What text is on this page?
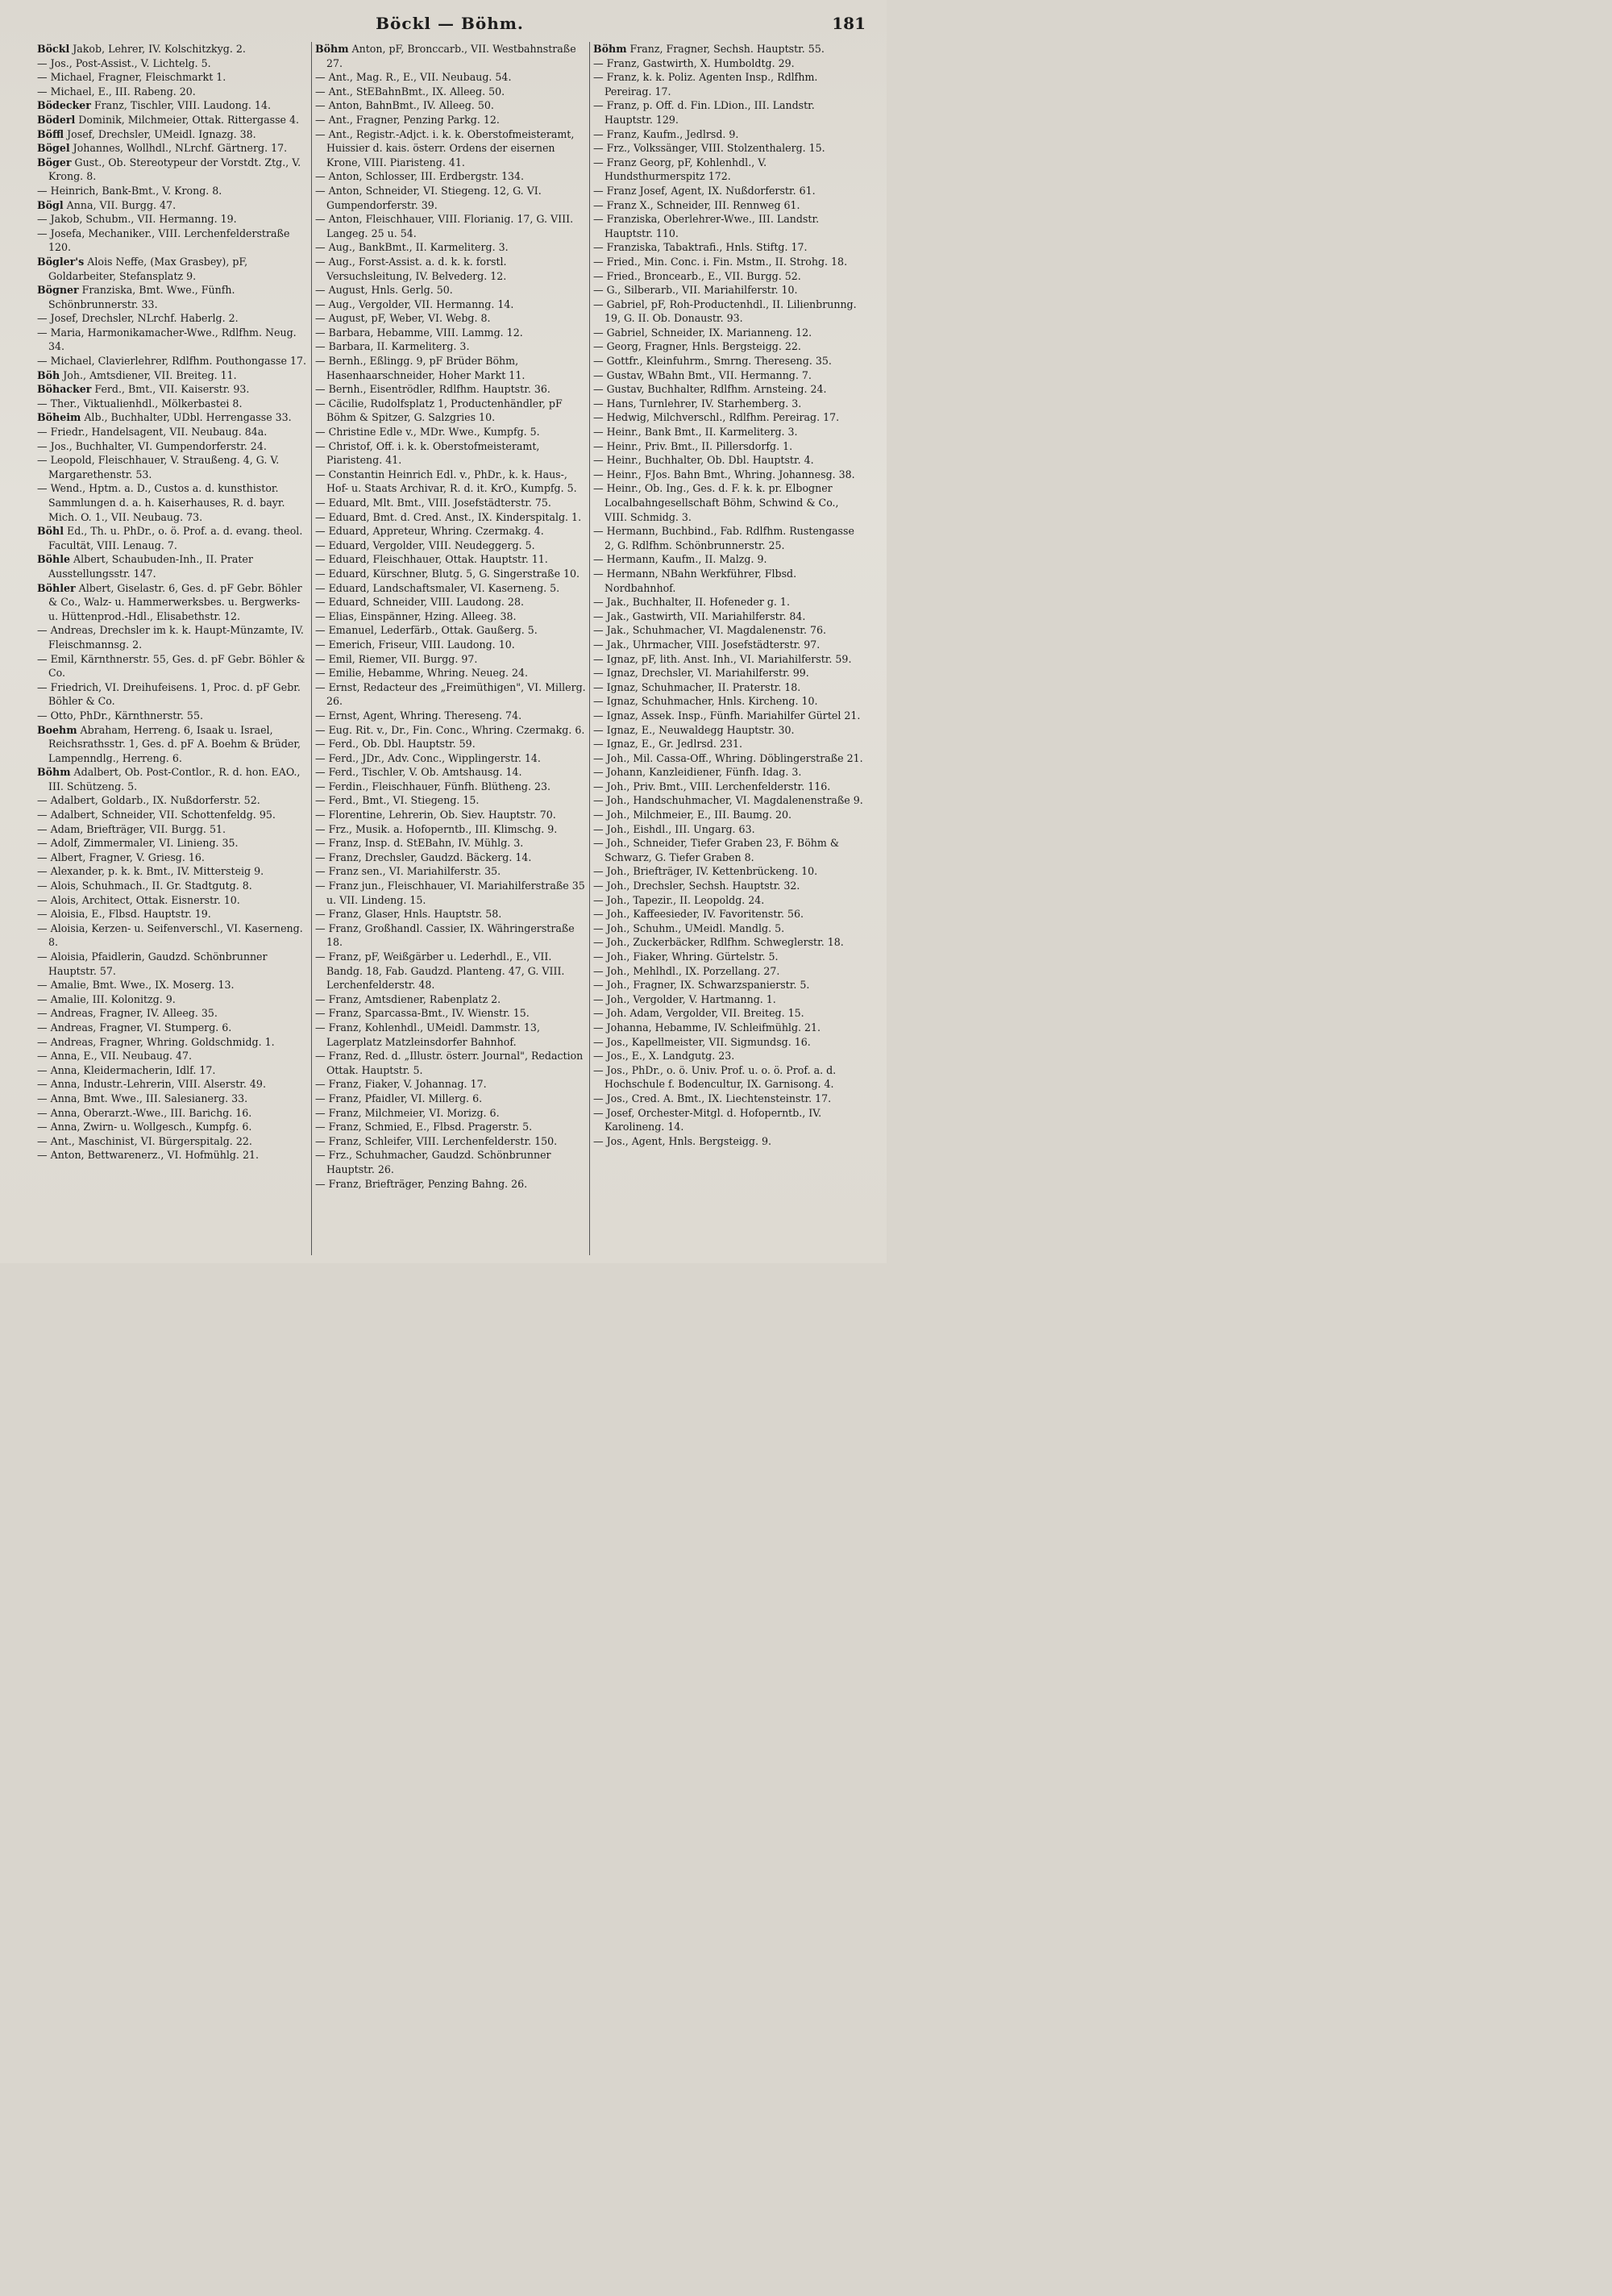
Böckl — Böhm.	181
Böckl Jakob, Lehrer, IV. Kolschitzkyg. 2.
— Jos., Post-Assist., V. Lichtelg. 5.
— Michael, Fragner, Fleischmarkt 1.
— Michael, E., III. Rabeng. 20.
Bödecker Franz, Tischler, VIII. Laudong. 14.
Böderl Dominik, Milchmeier, Ottak. Rittergasse 4.
Böffl Josef, Drechsler, UMeidl. Ignazg. 38.
Bögel Johannes, Wollhdl., NLrchf. Gärtnerg. 17.
Böger Gust., Ob. Stereotypeur der Vorstdt. Ztg., V. Krong. 8.
— Heinrich, Bank-Bmt., V. Krong. 8.
Bögl Anna, VII. Burgg. 47.
— Jakob, Schubm., VII. Hermanng. 19.
— Josefa, Mechaniker., VIII. Lerchenfelderstraße 120.
Bögler's Alois Neffe, (Max Grasbey), pF, Goldarbeiter, Stefansplatz 9.
Bögner Franziska, Bmt. Wwe., Fünfh. Schönbrunnerstr. 33.
— Josef, Drechsler, NLrchf. Haberlg. 2.
— Maria, Harmonikamacher-Wwe., Rdlfhm. Neug. 34.
— Michael, Clavierlehrer, Rdlfhm. Pouthongasse 17.
Böh Joh., Amtsdiener, VII. Breiteg. 11.
Böhacker Ferd., Bmt., VII. Kaiserstr. 93.
— Ther., Viktualienhdl., Mölkerbastei 8.
Böheim Alb., Buchhalter, UDbl. Herrengasse 33.
— Friedr., Handelsagent, VII. Neubaug. 84a.
— Jos., Buchhalter, VI. Gumpendorferstr. 24.
— Leopold, Fleischhauer, V. Straußeng. 4, G. V. Margarethenstr. 53.
— Wend., Hptm. a. D., Custos a. d. kunsthistor. Sammlungen d. a. h. Kaiserhauses, R. d. bayr. Mich. O. 1., VII. Neubaug. 73.
Böhl Ed., Th. u. PhDr., o. ö. Prof. a. d. evang. theol. Facultät, VIII. Lenaug. 7.
Böhle Albert, Schaubuden-Inh., II. Prater Ausstellungsstr. 147.
Böhler Albert, Giselastr. 6, Ges. d. pF Gebr. Böhler & Co., Walz- u. Hammerwerksbes. u. Bergwerks- u. Hüttenprod.-Hdl., Elisabethstr. 12.
— Andreas, Drechsler im k. k. Haupt-Münzamte, IV. Fleischmannsg. 2.
— Emil, Kärnthnerstr. 55, Ges. d. pF Gebr. Böhler & Co.
— Friedrich, VI. Dreihufeisens. 1, Proc. d. pF Gebr. Böhler & Co.
— Otto, PhDr., Kärnthnerstr. 55.
Boehm Abraham, Herreng. 6, Isaak u. Israel, Reichsrathsstr. 1, Ges. d. pF A. Boehm & Brüder, Lampenndlg., Herreng. 6.
Böhm Adalbert, Ob. Post-Contlor., R. d. hon. EAO., III. Schützeng. 5.
— Adalbert, Goldarb., IX. Nußdorferstr. 52.
— Adalbert, Schneider, VII. Schottenfeldg. 95.
— Adam, Briefträger, VII. Burgg. 51.
— Adolf, Zimmermaler, VI. Linieng. 35.
— Albert, Fragner, V. Griesg. 16.
— Alexander, p. k. k. Bmt., IV. Mittersteig 9.
— Alois, Schuhmach., II. Gr. Stadtgutg. 8.
— Alois, Architect, Ottak. Eisnerstr. 10.
— Aloisia, E., Flbsd. Hauptstr. 19.
— Aloisia, Kerzen- u. Seifenverschl., VI. Kaserneng. 8.
— Aloisia, Pfaidlerin, Gaudzd. Schönbrunner Hauptstr. 57.
— Amalie, Bmt. Wwe., IX. Moserg. 13.
— Amalie, III. Kolonitzg. 9.
— Andreas, Fragner, IV. Alleeg. 35.
— Andreas, Fragner, VI. Stumperg. 6.
— Andreas, Fragner, Whring. Goldschmidg. 1.
— Anna, E., VII. Neubaug. 47.
— Anna, Kleidermacherin, Idlf. 17.
— Anna, Industr.-Lehrerin, VIII. Alserstr. 49.
— Anna, Bmt. Wwe., III. Salesianerg. 33.
— Anna, Oberarzt.-Wwe., III. Barichg. 16.
— Anna, Zwirn- u. Wollgesch., Kumpfg. 6.
— Ant., Maschinist, VI. Bürgerspitalg. 22.
— Anton, Bettwarenerz., VI. Hofmühlg. 21.
Böhm Anton, pF, Bronccarb., VII. Westbahnstraße 27.
— Ant., Mag. R., E., VII. Neubaug. 54.
— Ant., StEBahnBmt., IX. Alleeg. 50.
— Anton, BahnBmt., IV. Alleeg. 50.
— Ant., Fragner, Penzing Parkg. 12.
— Ant., Registr.-Adjct. i. k. k. Oberstofmeisteramt, Huissier d. kais. österr. Ordens der eisernen Krone, VIII. Piaristeng. 41.
— Anton, Schlosser, III. Erdbergstr. 134.
— Anton, Schneider, VI. Stiegeng. 12, G. VI. Gumpendorferstr. 39.
— Anton, Fleischhauer, VIII. Florianig. 17, G. VIII. Langeg. 25 u. 54.
— Aug., BankBmt., II. Karmeliterg. 3.
— Aug., Forst-Assist. a. d. k. k. forstl. Versuchsleitung, IV. Belvederg. 12.
— August, Hnls. Gerlg. 50.
— Aug., Vergolder, VII. Hermanng. 14.
— August, pF, Weber, VI. Webg. 8.
— Barbara, Hebamme, VIII. Lammg. 12.
— Barbara, II. Karmeliterg. 3.
— Bernh., Eßlingg. 9, pF Brüder Böhm, Hasenhaarschneider, Hoher Markt 11.
— Bernh., Eisentrödler, Rdlfhm. Hauptstr. 36.
— Cäcilie, Rudolfsplatz 1, Productenhändler, pF Böhm & Spitzer, G. Salzgries 10.
— Christine Edle v., MDr. Wwe., Kumpfg. 5.
— Christof, Off. i. k. k. Oberstofmeisteramt, Piaristeng. 41.
— Constantin Heinrich Edl. v., PhDr., k. k. Haus-, Hof- u. Staats Archivar, R. d. it. KrO., Kumpfg. 5.
— Eduard, Mlt. Bmt., VIII. Josefstädterstr. 75.
— Eduard, Bmt. d. Cred. Anst., IX. Kinderspitalg. 1.
— Eduard, Appreteur, Whring. Czermakg. 4.
— Eduard, Vergolder, VIII. Neudeggerg. 5.
— Eduard, Fleischhauer, Ottak. Hauptstr. 11.
— Eduard, Kürschner, Blutg. 5, G. Singerstraße 10.
— Eduard, Landschaftsmaler, VI. Kaserneng. 5.
— Eduard, Schneider, VIII. Laudong. 28.
— Elias, Einspänner, Hzing. Alleeg. 38.
— Emanuel, Lederfärb., Ottak. Gaußerg. 5.
— Emerich, Friseur, VIII. Laudong. 10.
— Emil, Riemer, VII. Burgg. 97.
— Emilie, Hebamme, Whring. Neueg. 24.
— Ernst, Redacteur des „Freimüthigen", VI. Millerg. 26.
— Ernst, Agent, Whring. Thereseng. 74.
— Eug. Rit. v., Dr., Fin. Conc., Whring. Czermakg. 6.
— Ferd., Ob. Dbl. Hauptstr. 59.
— Ferd., JDr., Adv. Conc., Wipplingerstr. 14.
— Ferd., Tischler, V. Ob. Amtshausg. 14.
— Ferdin., Fleischhauer, Fünfh. Blütheng. 23.
— Ferd., Bmt., VI. Stiegeng. 15.
— Florentine, Lehrerin, Ob. Siev. Hauptstr. 70.
— Frz., Musik. a. Hofoperntb., III. Klimschg. 9.
— Franz, Insp. d. StEBahn, IV. Mühlg. 3.
— Franz, Drechsler, Gaudzd. Bäckerg. 14.
— Franz sen., VI. Mariahilferstr. 35.
— Franz jun., Fleischhauer, VI. Mariahilferstraße 35 u. VII. Lindeng. 15.
— Franz, Glaser, Hnls. Hauptstr. 58.
— Franz, Großhandl. Cassier, IX. Währingerstraße 18.
— Franz, pF, Weißgärber u. Lederhdl., E., VII. Bandg. 18, Fab. Gaudzd. Planteng. 47, G. VIII. Lerchenfelderstr. 48.
— Franz, Amtsdiener, Rabenplatz 2.
— Franz, Sparcassa-Bmt., IV. Wienstr. 15.
— Franz, Kohlenhdl., UMeidl. Dammstr. 13, Lagerplatz Matzleinsdorfer Bahnhof.
— Franz, Red. d. „Illustr. österr. Journal", Redaction Ottak. Hauptstr. 5.
— Franz, Fiaker, V. Johannag. 17.
— Franz, Pfaidler, VI. Millerg. 6.
— Franz, Milchmeier, VI. Morizg. 6.
— Franz, Schmied, E., Flbsd. Pragerstr. 5.
— Franz, Schleifer, VIII. Lerchenfelderstr. 150.
— Frz., Schuhmacher, Gaudzd. Schönbrunner Hauptstr. 26.
— Franz, Briefträger, Penzing Bahng. 26.
Böhm Franz, Fragner, Sechsh. Hauptstr. 55.
— Franz, Gastwirth, X. Humboldtg. 29.
— Franz, k. k. Poliz. Agenten Insp., Rdlfhm. Pereirag. 17.
— Franz, p. Off. d. Fin. LDion., III. Landstr. Hauptstr. 129.
— Franz, Kaufm., Jedlrsd. 9.
— Frz., Volkssänger, VIII. Stolzenthalerg. 15.
— Franz Georg, pF, Kohlenhdl., V. Hundsthurmerspitz 172.
— Franz Josef, Agent, IX. Nußdorferstr. 61.
— Franz X., Schneider, III. Rennweg 61.
— Franziska, Oberlehrer-Wwe., III. Landstr. Hauptstr. 110.
— Franziska, Tabaktrafi., Hnls. Stiftg. 17.
— Fried., Min. Conc. i. Fin. Mstm., II. Strohg. 18.
— Fried., Broncearb., E., VII. Burgg. 52.
— G., Silberarb., VII. Mariahilferstr. 10.
— Gabriel, pF, Roh-Productenhdl., II. Lilienbrunng. 19, G. II. Ob. Donaustr. 93.
— Gabriel, Schneider, IX. Marianneng. 12.
— Georg, Fragner, Hnls. Bergsteigg. 22.
— Gottfr., Kleinfuhrm., Smrng. Thereseng. 35.
— Gustav, WBahn Bmt., VII. Hermanng. 7.
— Gustav, Buchhalter, Rdlfhm. Arnsteing. 24.
— Hans, Turnlehrer, IV. Starhemberg. 3.
— Hedwig, Milchverschl., Rdlfhm. Pereirag. 17.
— Heinr., Bank Bmt., II. Karmeliterg. 3.
— Heinr., Priv. Bmt., II. Pillersdorfg. 1.
— Heinr., Buchhalter, Ob. Dbl. Hauptstr. 4.
— Heinr., FJos. Bahn Bmt., Whring. Johannesg. 38.
— Heinr., Ob. Ing., Ges. d. F. k. k. pr. Elbogner Localbahngesellschaft Böhm, Schwind & Co., VIII. Schmidg. 3.
— Hermann, Buchbind., Fab. Rdlfhm. Rustengasse 2, G. Rdlfhm. Schönbrunnerstr. 25.
— Hermann, Kaufm., II. Malzg. 9.
— Hermann, NBahn Werkführer, Flbsd. Nordbahnhof.
— Jak., Buchhalter, II. Hofeneder g. 1.
— Jak., Gastwirth, VII. Mariahilferstr. 84.
— Jak., Schuhmacher, VI. Magdalenenstr. 76.
— Jak., Uhrmacher, VIII. Josefstädterstr. 97.
— Ignaz, pF, lith. Anst. Inh., VI. Mariahilferstr. 59.
— Ignaz, Drechsler, VI. Mariahilferstr. 99.
— Ignaz, Schuhmacher, II. Praterstr. 18.
— Ignaz, Schuhmacher, Hnls. Kircheng. 10.
— Ignaz, Assek. Insp., Fünfh. Mariahilfer Gürtel 21.
— Ignaz, E., Neuwaldegg Hauptstr. 30.
— Ignaz, E., Gr. Jedlrsd. 231.
— Joh., Mil. Cassa-Off., Whring. Döblingerstraße 21.
— Johann, Kanzleidiener, Fünfh. Idag. 3.
— Joh., Priv. Bmt., VIII. Lerchenfelderstr. 116.
— Joh., Handschuhmacher, VI. Magdalenenstraße 9.
— Joh., Milchmeier, E., III. Baumg. 20.
— Joh., Eishdl., III. Ungarg. 63.
— Joh., Schneider, Tiefer Graben 23, F. Böhm & Schwarz, G. Tiefer Graben 8.
— Joh., Briefträger, IV. Kettenbrückeng. 10.
— Joh., Drechsler, Sechsh. Hauptstr. 32.
— Joh., Tapezir., II. Leopoldg. 24.
— Joh., Kaffeesieder, IV. Favoritenstr. 56.
— Joh., Schuhm., UMeidl. Mandlg. 5.
— Joh., Zuckerbäcker, Rdlfhm. Schweglerstr. 18.
— Joh., Fiaker, Whring. Gürtelstr. 5.
— Joh., Mehlhdl., IX. Porzellang. 27.
— Joh., Fragner, IX. Schwarzspanierstr. 5.
— Joh., Vergolder, V. Hartmanng. 1.
— Joh. Adam, Vergolder, VII. Breiteg. 15.
— Johanna, Hebamme, IV. Schleifmühlg. 21.
— Jos., Kapellmeister, VII. Sigmundsg. 16.
— Jos., E., X. Landgutg. 23.
— Jos., PhDr., o. ö. Univ. Prof. u. o. ö. Prof. a. d. Hochschule f. Bodencultur, IX. Garnisong. 4.
— Jos., Cred. A. Bmt., IX. Liechtensteinstr. 17.
— Josef, Orchester-Mitgl. d. Hofoperntb., IV. Karolineng. 14.
— Jos., Agent, Hnls. Bergsteigg. 9.
